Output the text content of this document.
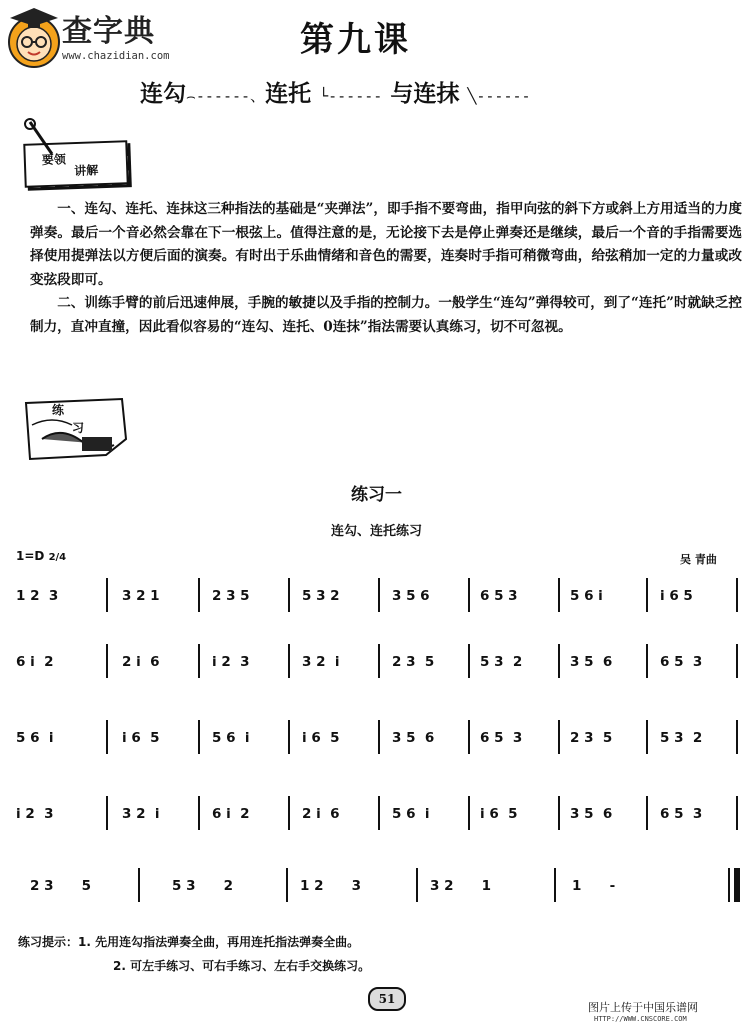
查字典
www.chazidian.com	第九课
连勾⌢------、连托 └------ 与连抹 ╲------
要领
讲解

一、连勾、连托、连抹这三种指法的基础是“夹弹法”，即手指不要弯曲，指甲向弦的斜下方或斜上方用适当的力度弹奏。最后一个音必然会靠在下一根弦上。值得注意的是，无论接下去是停止弹奏还是继续，最后一个音的手指需要选择使用提弹法以方便后面的演奏。有时出于乐曲情绪和音色的需要，连奏时手指可稍微弯曲，给弦稍加一定的力量或改变弦段即可。

二、训练手臂的前后迅速伸展，手腕的敏捷以及手指的控制力。一般学生“连勾”弹得较可，到了“连托”时就缺乏控制力，直冲直撞，因此看似容易的“连勾、连托、0连抹”指法需要认真练习，切不可忽视。

练
习
练习一
连勾、连托练习
1=D 2/4	吴 青曲
1 2  3	3 2 1	2 3 5	5 3 2	3 5 6	6 5 3	5 6 i	i 6 5
6 i  2	2 i  6	i 2  3	3 2  i	2 3  5	5 3  2	3 5  6	6 5  3
5 6  i	i 6  5	5 6  i	i 6  5	3 5  6	6 5  3	2 3  5	5 3  2
i 2  3	3 2  i	6 i  2	2 i  6	5 6  i	i 6  5	3 5  6	6 5  3
2 3      5	5 3      2	1 2      3	3 2      1	1      -
练习提示：1. 先用连勾指法弹奏全曲，再用连托指法弹奏全曲。
2. 可左手练习、可右手练习、左右手交换练习。
51
图片上传于中国乐谱网
HTTP://WWW.CNSCORE.COM
